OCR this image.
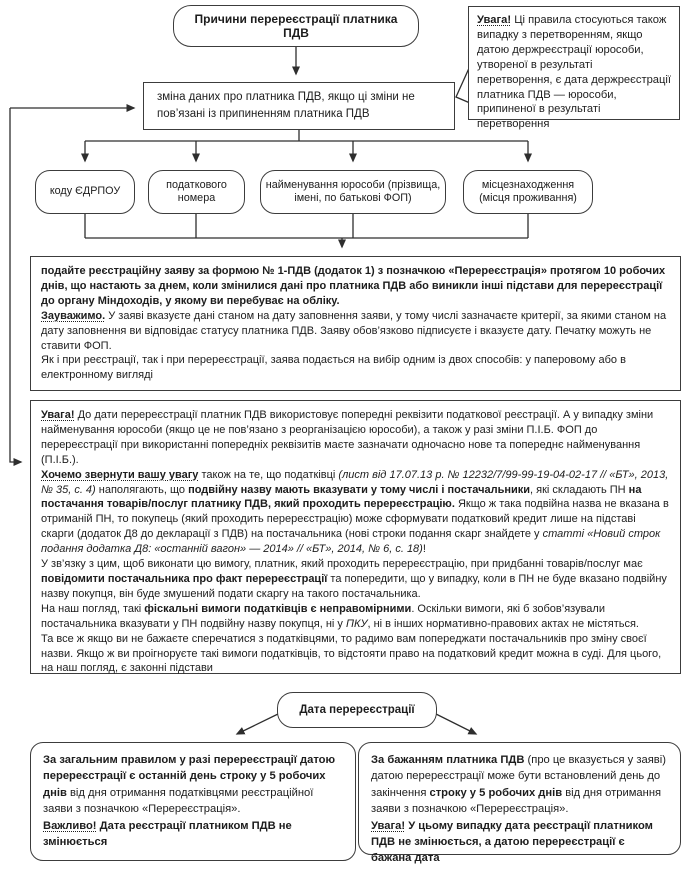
Причини перереєстрації платника ПДВ

Увага! Ці правила стосуються також випадку з перетворенням, якщо датою держреєстрації юрособи, утвореної в результаті перетворення, є дата держреєстрації платника ПДВ — юрособи, припиненої в результаті перетворення

зміна даних про платника ПДВ, якщо ці зміни не пов’язані із припиненням платника ПДВ
коду ЄДРПОУ
податкового номера
найменування юрособи (прізвища, імені, по батькові ФОП)
місцезнаходження (місця проживання)

подайте реєстраційну заяву за формою № 1-ПДВ (додаток 1) з позначкою «Перереєстрація» протягом 10 робочих днів, що настають за днем, коли змінилися дані про платника ПДВ або виникли інші підстави для перереєстрації до органу Міндоходів, у якому ви перебуває на обліку.

Зауважимо. У заяві вказуєте дані станом на дату заповнення заяви, у тому числі зазначаєте критерії, за якими станом на дату заповнення ви відповідає статусу платника ПДВ. Заяву обов’язково підписуєте і вказуєте дату. Печатку можуть не ставити ФОП.

Як і при реєстрації, так і при перереєстрації, заява подається на вибір одним із двох способів: у паперовому або в електронному вигляді

Увага! До дати перереєстрації платник ПДВ використовує попередні реквізити податкової реєстрації. А у випадку зміни найменування юрособи (якщо це не пов’язано з реорганізацією юрособи), а також у разі зміни П.І.Б. ФОП до перереєстрації при використанні попередніх реквізитів маєте зазначати одночасно нове та попереднє найменування (П.І.Б.).

Хочемо звернути вашу увагу також на те, що податківці (лист від 17.07.13 р. № 12232/7/99-99-19-04-02-17 // «БТ», 2013, № 35, с. 4) наполягають, що подвійну назву мають вказувати у тому числі і постачальники, які складають ПН на постачання товарів/послуг платнику ПДВ, який проходить перереєстрацію. Якщо ж така подвійна назва не вказана в отриманій ПН, то покупець (який проходить перереєстрацію) може сформувати податковий кредит лише на підставі скарги (додаток Д8 до декларації з ПДВ) на постачальника (нові строки подання скарг знайдете у статті «Новий строк подання додатка Д8: «останній вагон» — 2014» // «БТ», 2014, № 6, с. 18)!

У зв’язку з цим, щоб виконати цю вимогу, платник, який проходить перереєстрацію, при придбанні товарів/послуг має повідомити постачальника про факт перереєстрації та попередити, що у випадку, коли в ПН не буде вказано подвійну назву покупця, він буде змушений подати скаргу на такого постачальника.

На наш погляд, такі фіскальні вимоги податківців є неправомірними. Оскільки вимоги, які б зобов’язували постачальника вказувати у ПН подвійну назву покупця, ні у ПКУ, ні в інших нормативно-правових актах не містяться.

Та все ж якщо ви не бажаєте сперечатися з податківцями, то радимо вам попереджати постачальників про зміну своєї назви. Якщо ж ви проігноруєте такі вимоги податківців, то відстояти право на податковий кредит можна в суді. Для цього, на наш погляд, є законні підстави

Дата перереєстрації

За загальним правилом у разі перереєстрації датою перереєстрації є останній день строку у 5 робочих днів від дня отримання податківцями реєстраційної заяви з позначкою «Перереєстрація».

Важливо! Дата реєстрації платником ПДВ не змінюється

За бажанням платника ПДВ (про це вказується у заяві) датою перереєстрації може бути встановлений день до закінчення строку у 5 робочих днів від дня отримання заяви з позначкою «Перереєстрація».

Увага! У цьому випадку дата реєстрації платником ПДВ не змінюється, а датою перереєстрації є бажана дата
